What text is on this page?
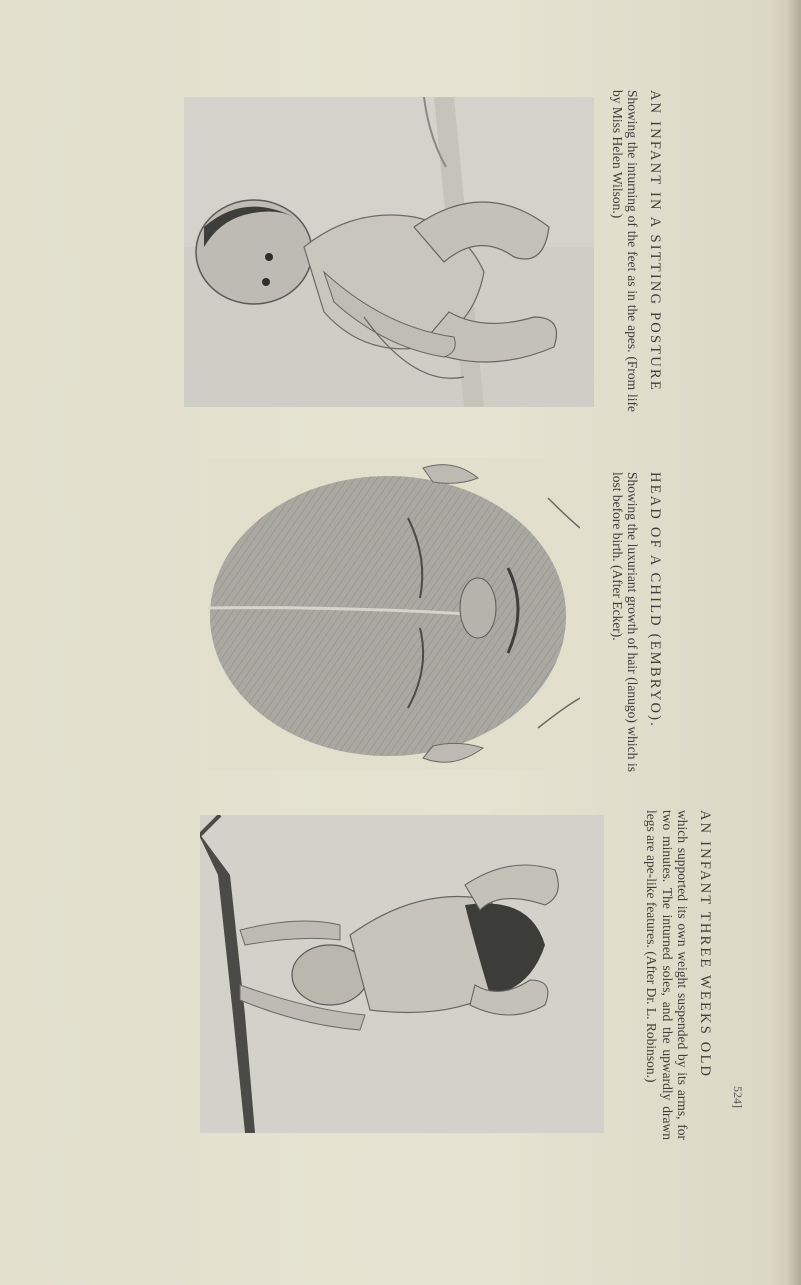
AN INFANT IN A SITTING POSTURE
Showing the inturning of the feet as in the apes. (From life by Miss Helen Wilson.)
HEAD OF A CHILD (EMBRYO).
Showing the luxuriant growth of hair (lanugo) which is lost before birth. (After Ecker).
AN INFANT THREE WEEKS OLD
which supported its own weight suspended by its arms, for two minutes. The inturned soles, and the upwardly drawn legs are ape-like features. (After Dr. L. Robinson.)
524]
